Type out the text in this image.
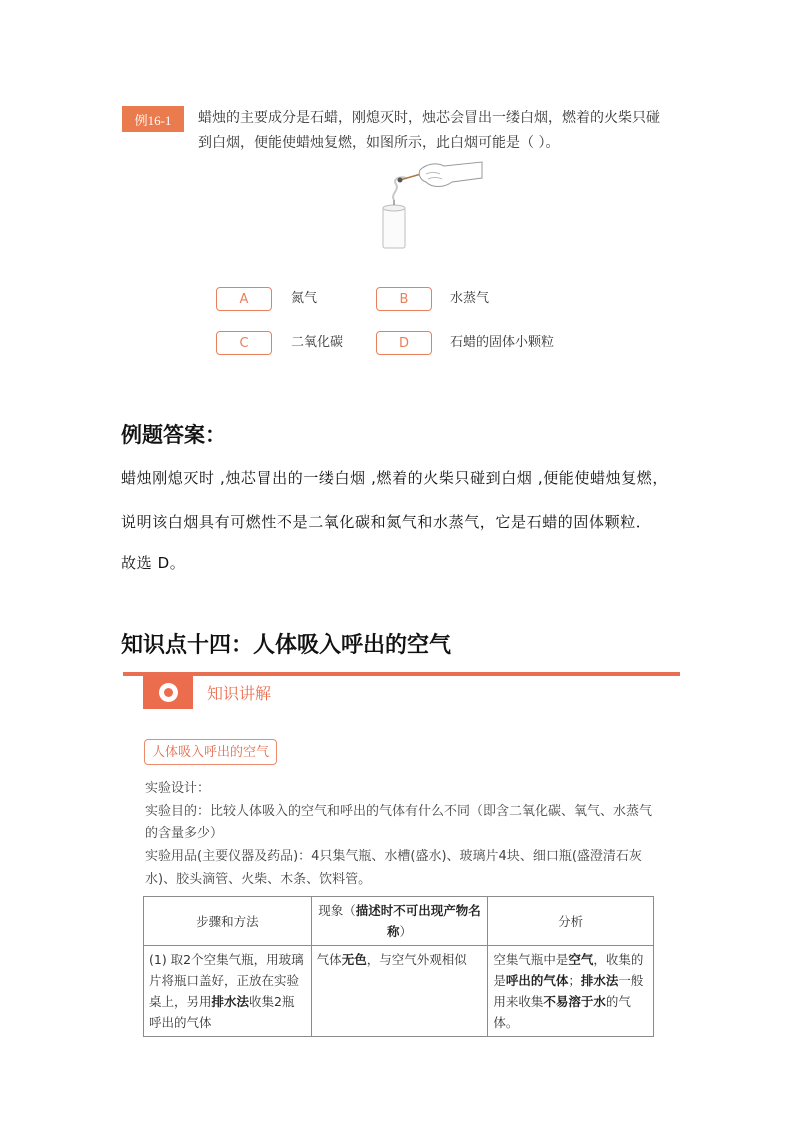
例16-1	蜡烛的主要成分是石蜡，刚熄灭时，烛芯会冒出一缕白烟，燃着的火柴只碰
到白烟，便能使蜡烛复燃，如图所示，此白烟可能是（ ）。
A	氮气	B	水蒸气
C	二氧化碳	D	石蜡的固体小颗粒
例题答案：
蜡烛刚熄灭时 ,烛芯冒出的一缕白烟 ,燃着的火柴只碰到白烟 ,便能使蜡烛复燃，
说明该白烟具有可燃性不是二氧化碳和氮气和水蒸气，它是石蜡的固体颗粒．
故选 D。
知识点十四：人体吸入呼出的空气
知识讲解
人体吸入呼出的空气
实验设计：
实验目的：比较人体吸入的空气和呼出的气体有什么不同（即含二氧化碳、氧气、水蒸气
的含量多少）
实验用品(主要仪器及药品)：4只集气瓶、水槽(盛水)、玻璃片4块、细口瓶(盛澄清石灰
水)、胶头滴管、火柴、木条、饮料管。
步骤和方法	现象（描述时不可出现产物名称）	分析
(1) 取2个空集气瓶，用玻璃片将瓶口盖好，正放在实验桌上，另用排水法收集2瓶呼出的气体	气体无色，与空气外观相似	空集气瓶中是空气，收集的是呼出的气体；排水法一般用来收集不易溶于水的气体。
